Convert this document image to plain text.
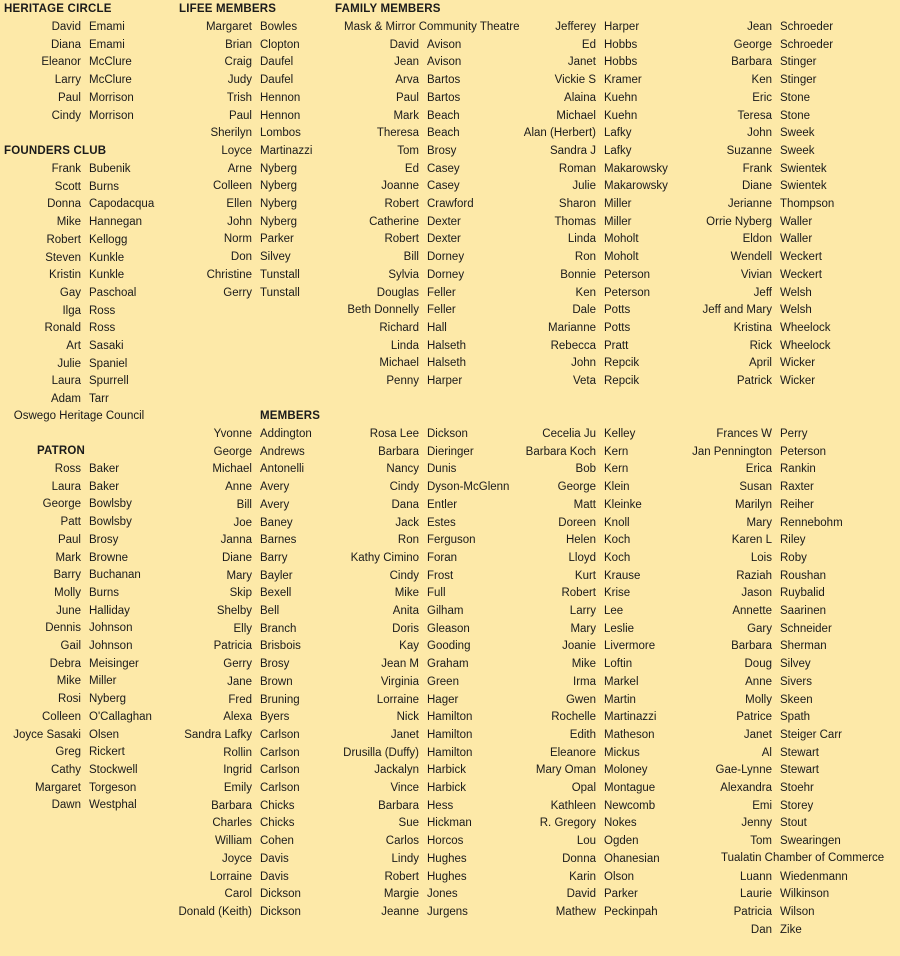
HERITAGE CIRCLE
FOUNDERS CLUB
PATRON
LIFEE MEMBERS	FAMILY MEMBERS
MEMBERS
Oswego Heritage Council
Mask & Mirror Community Theatre
Tualatin Chamber of Commerce
David Emami
Diana Emami
Eleanor McClure
Larry McClure
Paul Morrison
Cindy Morrison
Frank Bubenik
Scott Burns
Donna Capodacqua
Mike Hannegan
Robert Kellogg
Steven Kunkle
Kristin Kunkle
Gay Paschoal
Ilga Ross
Ronald Ross
Art Sasaki
Julie Spaniel
Laura Spurrell
Adam Tarr
Ross Baker
Laura Baker
George Bowlsby
Patt Bowlsby
Paul Brosy
Mark Browne
Barry Buchanan
Molly Burns
June Halliday
Dennis Johnson
Gail Johnson
Debra Meisinger
Mike Miller
Rosi Nyberg
Colleen O'Callaghan
Joyce Sasaki Olsen
Greg Rickert
Cathy Stockwell
Margaret Torgeson
Dawn Westphal
Margaret Bowles
Brian Clopton
Craig Daufel
Judy Daufel
Trish Hennon
Paul Hennon
Sherilyn Lombos
Loyce Martinazzi
Arne Nyberg
Colleen Nyberg
Ellen Nyberg
John Nyberg
Norm Parker
Don Silvey
Christine Tunstall
Gerry Tunstall
David Avison
Jean Avison
Arva Bartos
Paul Bartos
Mark Beach
Theresa Beach
Tom Brosy
Ed Casey
Joanne Casey
Robert Crawford
Catherine Dexter
Robert Dexter
Bill Dorney
Sylvia Dorney
Douglas Feller
Beth Donnelly Feller
Richard Hall
Linda Halseth
Michael Halseth
Penny Harper
Jefferey Harper
Ed Hobbs
Janet Hobbs
Vickie S Kramer
Alaina Kuehn
Michael Kuehn
Alan (Herbert) Lafky
Sandra J Lafky
Roman Makarowsky
Julie Makarowsky
Sharon Miller
Thomas Miller
Linda Moholt
Ron Moholt
Bonnie Peterson
Ken Peterson
Dale Potts
Marianne Potts
Rebecca Pratt
John Repcik
Veta Repcik
Jean Schroeder
George Schroeder
Barbara Stinger
Ken Stinger
Eric Stone
Teresa Stone
John Sweek
Suzanne Sweek
Frank Swientek
Diane Swientek
Jerianne Thompson
Orrie Nyberg Waller
Eldon Waller
Wendell Weckert
Vivian Weckert
Jeff Welsh
Jeff and Mary Welsh
Kristina Wheelock
Rick Wheelock
April Wicker
Patrick Wicker
Yvonne Addington
George Andrews
Michael Antonelli
Anne Avery
Bill Avery
Joe Baney
Janna Barnes
Diane Barry
Mary Bayler
Skip Bexell
Shelby Bell
Elly Branch
Patricia Brisbois
Gerry Brosy
Jane Brown
Fred Bruning
Alexa Byers
Sandra Lafky Carlson
Rollin Carlson
Ingrid Carlson
Emily Carlson
Barbara Chicks
Charles Chicks
William Cohen
Joyce Davis
Lorraine Davis
Carol Dickson
Donald (Keith) Dickson
Rosa Lee Dickson
Barbara Dieringer
Nancy Dunis
Cindy Dyson-McGlenn
Dana Entler
Jack Estes
Ron Ferguson
Kathy Cimino Foran
Cindy Frost
Mike Full
Anita Gilham
Doris Gleason
Kay Gooding
Jean M Graham
Virginia Green
Lorraine Hager
Nick Hamilton
Janet Hamilton
Drusilla (Duffy) Hamilton
Jackalyn Harbick
Vince Harbick
Barbara Hess
Sue Hickman
Carlos Horcos
Lindy Hughes
Robert Hughes
Margie Jones
Jeanne Jurgens
Cecelia Ju Kelley
Barbara Koch Kern
Bob Kern
George Klein
Matt Kleinke
Doreen Knoll
Helen Koch
Lloyd Koch
Kurt Krause
Robert Krise
Larry Lee
Mary Leslie
Joanie Livermore
Mike Loftin
Irma Markel
Gwen Martin
Rochelle Martinazzi
Edith Matheson
Eleanore Mickus
Mary Oman Moloney
Opal Montague
Kathleen Newcomb
R. Gregory Nokes
Lou Ogden
Donna Ohanesian
Karin Olson
David Parker
Mathew Peckinpah
Frances W Perry
Jan Pennington Peterson
Erica Rankin
Susan Raxter
Marilyn Reiher
Mary Rennebohm
Karen L Riley
Lois Roby
Raziah Roushan
Jason Ruybalid
Annette Saarinen
Gary Schneider
Barbara Sherman
Doug Silvey
Anne Sivers
Molly Skeen
Patrice Spath
Janet Steiger Carr
Al Stewart
Gae-Lynne Stewart
Alexandra Stoehr
Emi Storey
Jenny Stout
Tom Swearingen
Luann Wiedenmann
Laurie Wilkinson
Patricia Wilson
Dan Zike
